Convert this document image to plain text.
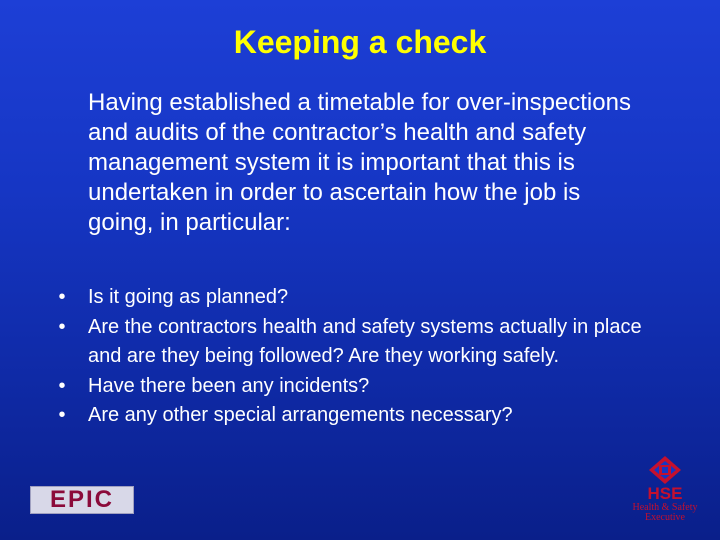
Keeping a check
Having established a timetable for over-inspections and audits of the contractor’s health and safety management system it is important that this is undertaken in order to ascertain how the job is going, in particular:
•	Is it going as planned?
•	Are the contractors health and safety systems actually in place and are they being followed? Are they working safely.
•	Have there been any incidents?
•	Are any other special arrangements necessary?
EPIC	HSE
Health & Safety
Executive
